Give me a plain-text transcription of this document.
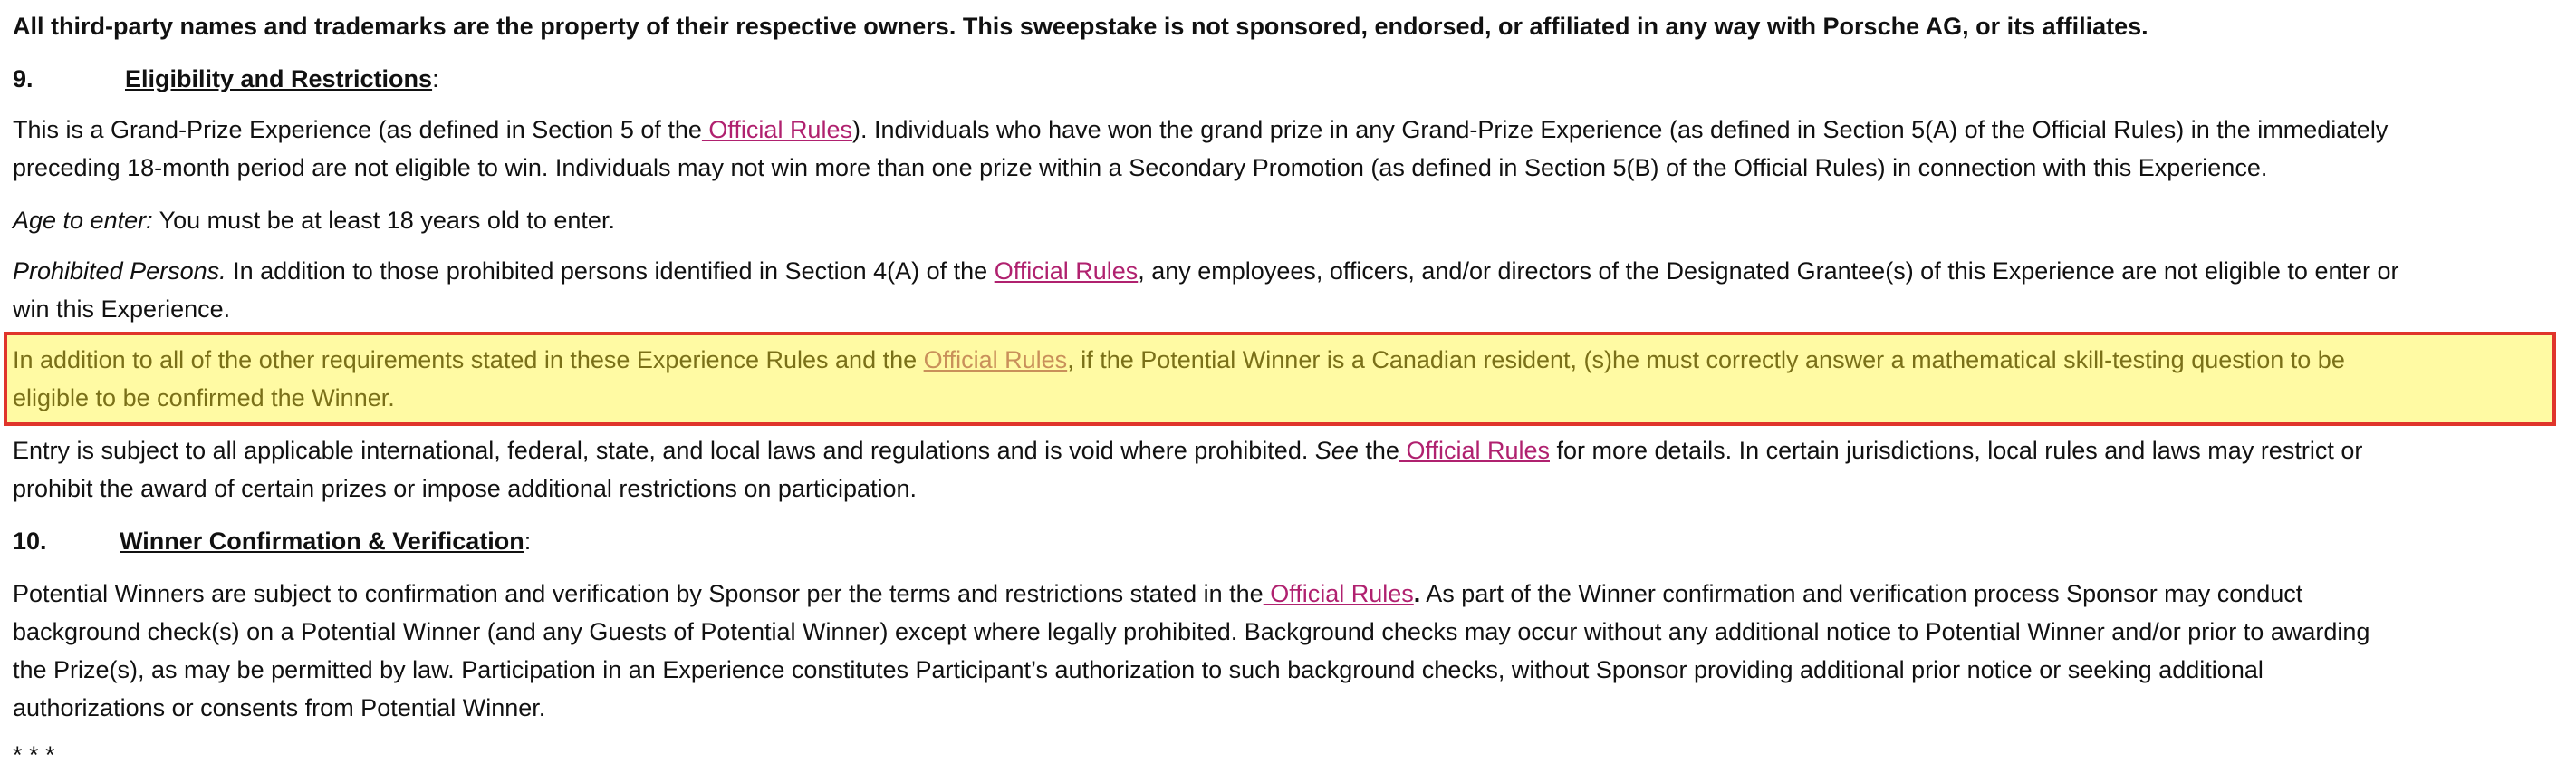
All third-party names and trademarks are the property of their respective owners. This sweepstake is not sponsored, endorsed, or affiliated in any way with Porsche AG, or its affiliates.
9.	Eligibility and Restrictions:
This is a Grand-Prize Experience (as defined in Section 5 of the Official Rules). Individuals who have won the grand prize in any Grand-Prize Experience (as defined in Section 5(A) of the Official Rules) in the immediately
preceding 18-month period are not eligible to win. Individuals may not win more than one prize within a Secondary Promotion (as defined in Section 5(B) of the Official Rules) in connection with this Experience.
Age to enter: You must be at least 18 years old to enter.
Prohibited Persons. In addition to those prohibited persons identified in Section 4(A) of the Official Rules, any employees, officers, and/or directors of the Designated Grantee(s) of this Experience are not eligible to enter or
win this Experience.
In addition to all of the other requirements stated in these Experience Rules and the Official Rules, if the Potential Winner is a Canadian resident, (s)he must correctly answer a mathematical skill-testing question to be
eligible to be confirmed the Winner.
Entry is subject to all applicable international, federal, state, and local laws and regulations and is void where prohibited. See the Official Rules for more details. In certain jurisdictions, local rules and laws may restrict or
prohibit the award of certain prizes or impose additional restrictions on participation.
10.	Winner Confirmation & Verification:
Potential Winners are subject to confirmation and verification by Sponsor per the terms and restrictions stated in the Official Rules. As part of the Winner confirmation and verification process Sponsor may conduct
background check(s) on a Potential Winner (and any Guests of Potential Winner) except where legally prohibited. Background checks may occur without any additional notice to Potential Winner and/or prior to awarding
the Prize(s), as may be permitted by law. Participation in an Experience constitutes Participant’s authorization to such background checks, without Sponsor providing additional prior notice or seeking additional
authorizations or consents from Potential Winner.
* * *
